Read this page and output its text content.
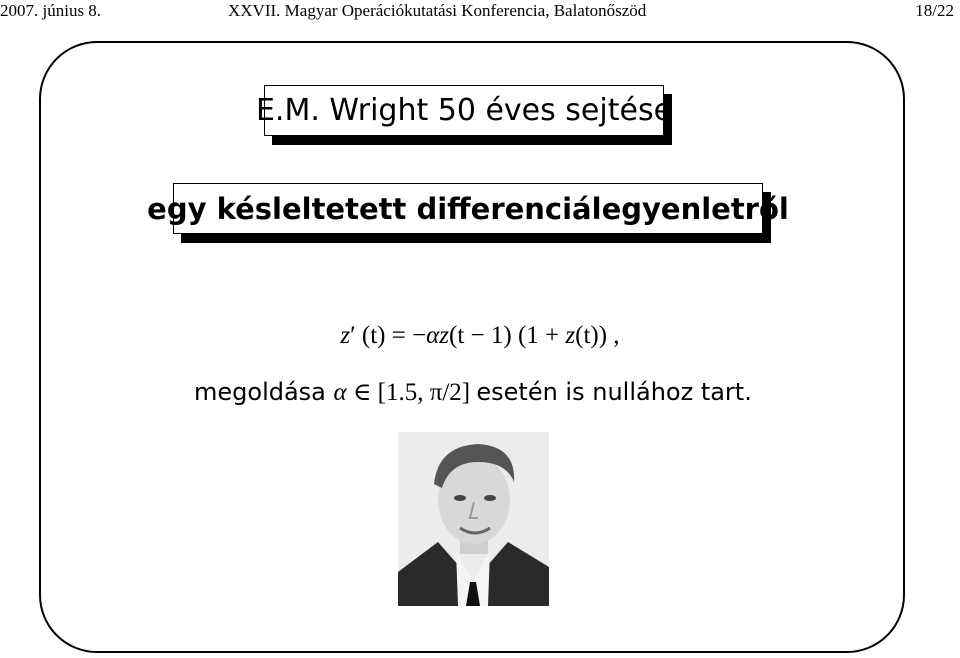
2007. június 8.	XXVII. Magyar Operációkutatási Konferencia, Balatonőszöd	18/22
E.M. Wright 50 éves sejtése
egy késleltetett differenciálegyenletről
z′ (t) = −αz(t − 1) (1 + z(t)) ,
megoldása α ∈ [1.5, π/2] esetén is nullához tart.
